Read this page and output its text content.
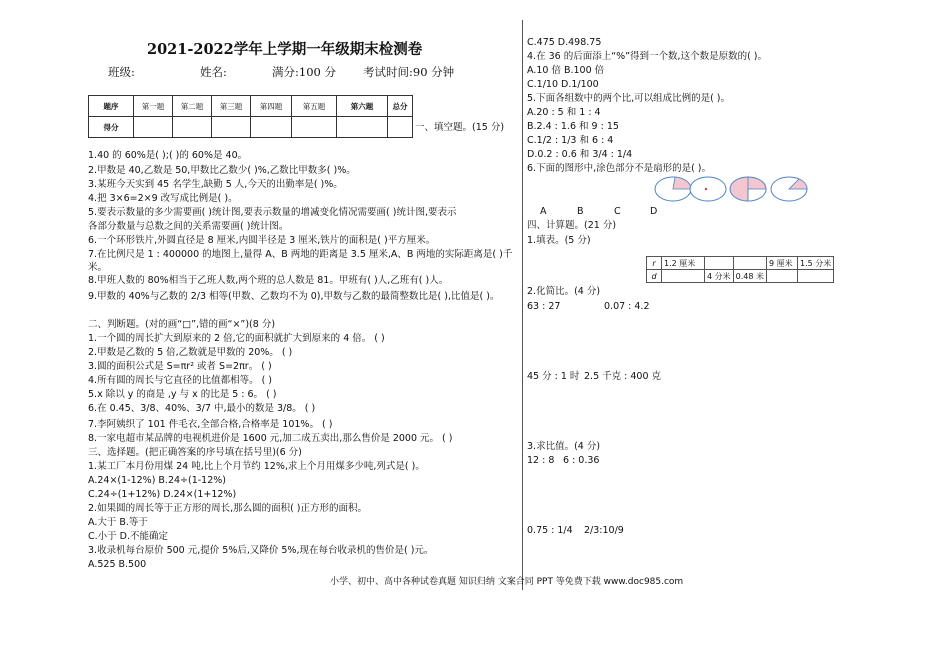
2021-2022学年上学期一年级期末检测卷
班级:	姓名:	满分:100 分 考试时间:90 分钟
题序	第一题	第二题	第三题	第四题	第五题	第六题	总分
得分								一、填空题。(15 分)
1.40 的 60%是( );( )的 60%是 40。
2.甲数是 40,乙数是 50,甲数比乙数少( )%,乙数比甲数多( )%。
3.某班今天实到 45 名学生,缺勤 5 人,今天的出勤率是( )%。
4.把 3×6=2×9 改写成比例是( )。
5.要表示数量的多少需要画( )统计图,要表示数量的增减变化情况需要画( )统计图,要表示
各部分数量与总数之间的关系需要画( )统计图。
6.一个环形铁片,外圆直径是 8 厘米,内圆半径是 3 厘米,铁片的面积是( )平方厘米。
7.在比例尺是 1 : 400000 的地图上,量得 A、B 两地的距离是 3.5 厘米,A、B 两地的实际距离是( )千米。
8.甲班人数的 80%相当于乙班人数,两个班的总人数是 81。甲班有( )人,乙班有( )人。
9.甲数的 40%与乙数的 2/3 相等(甲数、乙数均不为 0),甲数与乙数的最简整数比是( ),比值是( )。
二、判断题。(对的画“□”,错的画“×”)(8 分)
1.一个圆的周长扩大到原来的 2 倍,它的面积就扩大到原来的 4 倍。 ( )
2.甲数是乙数的 5 倍,乙数就是甲数的 20%。 ( )
3.圆的面积公式是 S=πr² 或者 S=2πr。 ( )
4.所有圆的周长与它直径的比值都相等。 ( )
5.x 除以 y 的商是 ,y 与 x 的比是 5 : 6。 ( )
6.在 0.45、3/8、40%、3/7 中,最小的数是 3/8。 ( )
7.李阿姨织了 101 件毛衣,全部合格,合格率是 101%。 ( )
8.一家电超市某品牌的电视机进价是 1600 元,加二成五卖出,那么售价是 2000 元。 ( )
三、选择题。(把正确答案的序号填在括号里)(6 分)
1.某工厂本月份用煤 24 吨,比上个月节约 12%,求上个月用煤多少吨,列式是( )。
A.24×(1-12%) B.24÷(1-12%)
C.24÷(1+12%) D.24×(1+12%)
2.如果圆的周长等于正方形的周长,那么圆的面积( )正方形的面积。
A.大于 B.等于
C.小于 D.不能确定
3.收录机每台原价 500 元,提价 5%后,又降价 5%,现在每台收录机的售价是( )元。
A.525 B.500
C.475 D.498.75
4.在 36 的后面添上“%”得到一个数,这个数是原数的( )。
A.10 倍 B.100 倍
C.1/10 D.1/100
5.下面各组数中的两个比,可以组成比例的是( )。
A.20 : 5 和 1 : 4
B.2.4 : 1.6 和 9 : 15
C.1/2 : 1/3 和 6 : 4
D.0.2 : 0.6 和 3/4 : 1/4
6.下面的图形中,涂色部分不是扇形的是( )。
A	B	C	D
四、计算题。(21 分)
1.填表。(5 分)
r	1.2 厘米			9 厘米	1.5 分米
d		4 分米	0.48 米		
2.化简比。(4 分)
63 : 27	0.07 : 4.2
45 分 : 1 时 2.5 千克 : 400 克
3.求比值。(4 分)
12 : 8 6 : 0.36
0.75 : 1/4 2/3:10/9
小学、初中、高中各种试卷真题 知识归纳 文案合同 PPT 等免费下载 www.doc985.com
